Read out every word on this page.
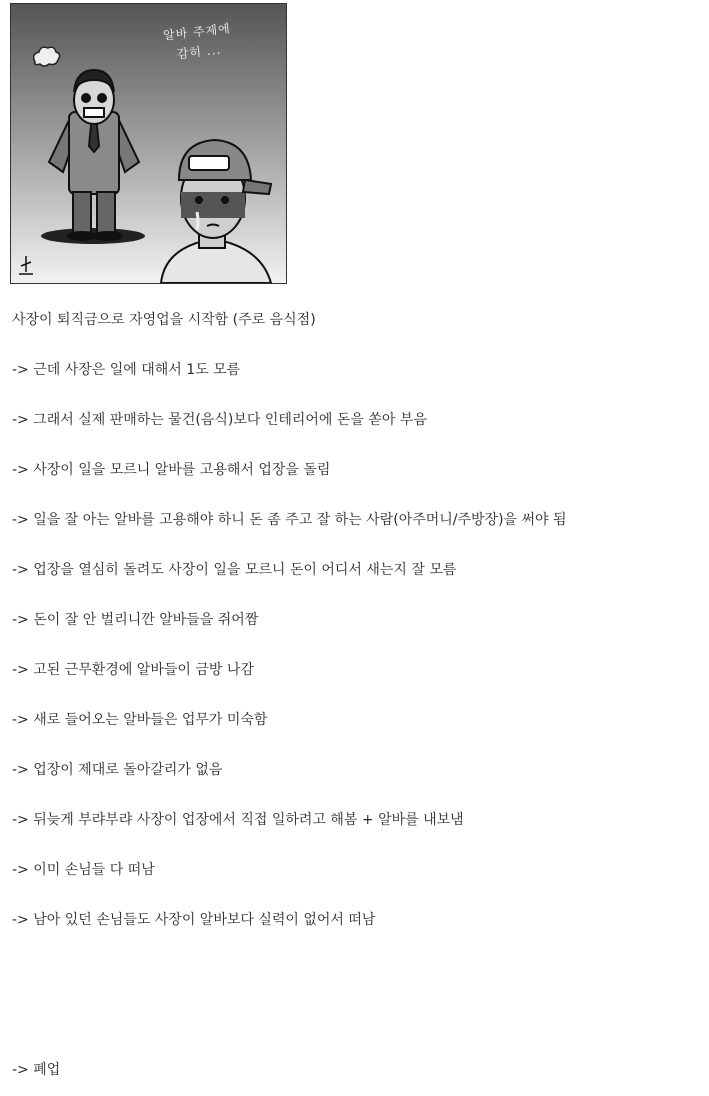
알바 주제에
감히 ...
사장이 퇴직금으로 자영업을 시작함 (주로 음식점)
-> 근데 사장은 일에 대해서 1도 모름
-> 그래서 실제 판매하는 물건(음식)보다 인테리어에 돈을 쏟아 부음
-> 사장이 일을 모르니 알바를 고용해서 업장을 돌림
-> 일을 잘 아는 알바를 고용해야 하니 돈 좀 주고 잘 하는 사람(아주머니/주방장)을 써야 됨
-> 업장을 열심히 돌려도 사장이 일을 모르니 돈이 어디서 새는지 잘 모름
-> 돈이 잘 안 벌리니깐 알바들을 쥐어짬
-> 고된 근무환경에 알바들이 금방 나감
-> 새로 들어오는 알바들은 업무가 미숙함
-> 업장이 제대로 돌아갈리가 없음
-> 뒤늦게 부랴부랴 사장이 업장에서 직접 일하려고 해봄 + 알바를 내보냄
-> 이미 손님들 다 떠남
-> 남아 있던 손님들도 사장이 알바보다 실력이 없어서 떠남
-> 폐업
